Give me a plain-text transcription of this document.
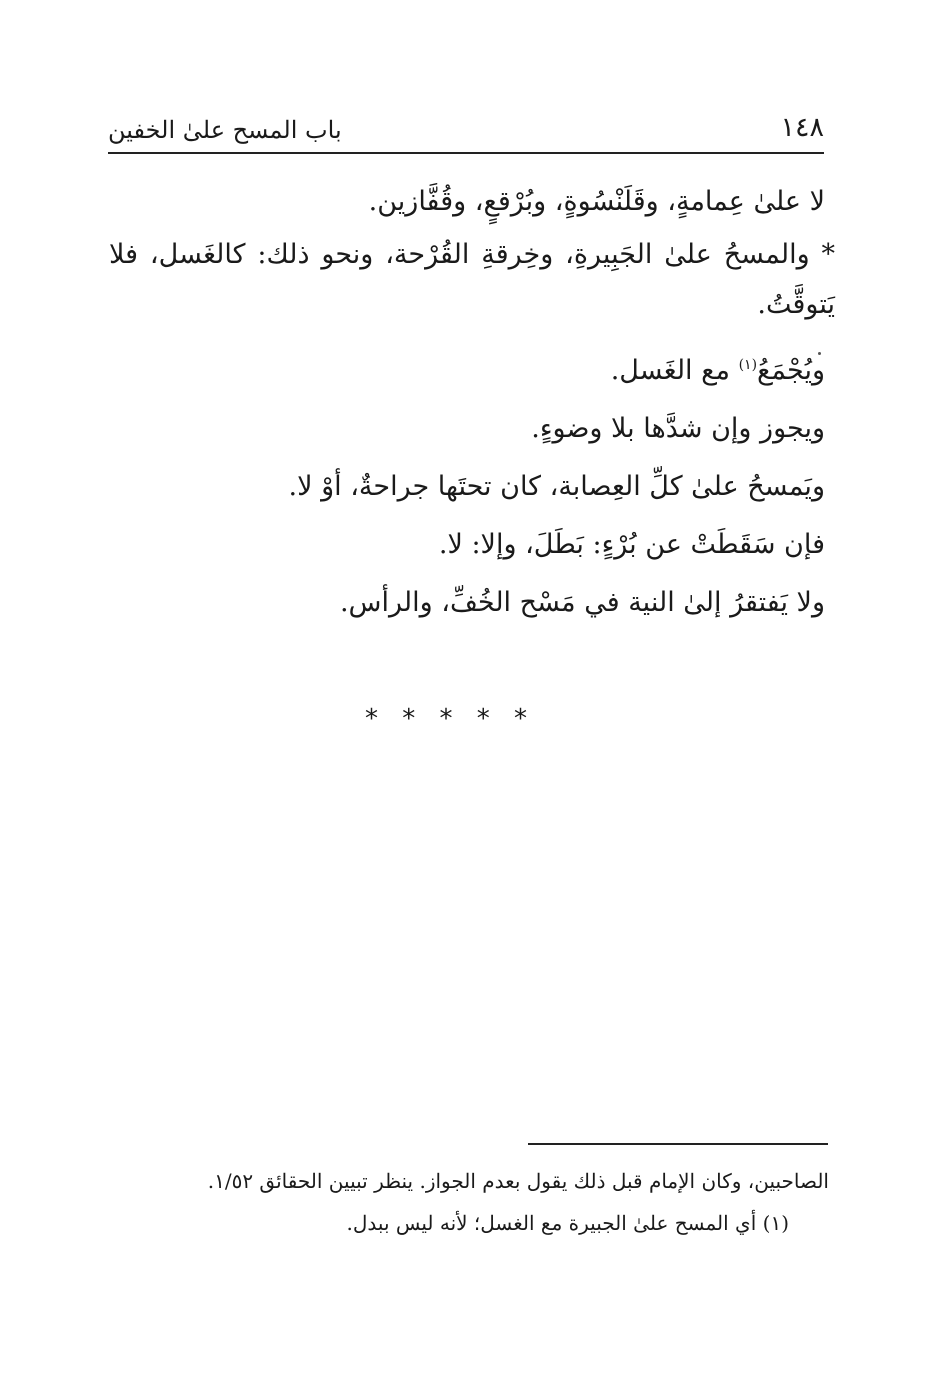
١٤٨
باب المسح علىٰ الخفين

لا علىٰ عِمامةٍ، وقَلَنْسُوةٍ، وبُرْقعٍ، وقُفَّازين.

* والمسحُ علىٰ الجَبِيرةِ، وخِرقةِ القُرْحة، ونحو ذلك: كالغَسل، فلا يَتوقَّتُ.

ويُجْمَعُ$^{(١)}$ مع الغَسل.

ويجوز وإن شدَّها بلا وضوءٍ.

ويَمسحُ علىٰ كلِّ العِصابة، كان تحتَها جراحةٌ، أوْ لا.

فإن سَقَطَتْ عن بُرْءٍ: بَطَلَ، وإلا: لا.

ولا يَفتقرُ إلىٰ النية في مَسْح الخُفِّ، والرأس.

* * * * *

الصاحبين، وكان الإمام قبل ذلك يقول بعدم الجواز. ينظر تبيين الحقائق ١/٥٢.

(١) أي المسح علىٰ الجبيرة مع الغسل؛ لأنه ليس ببدل.
